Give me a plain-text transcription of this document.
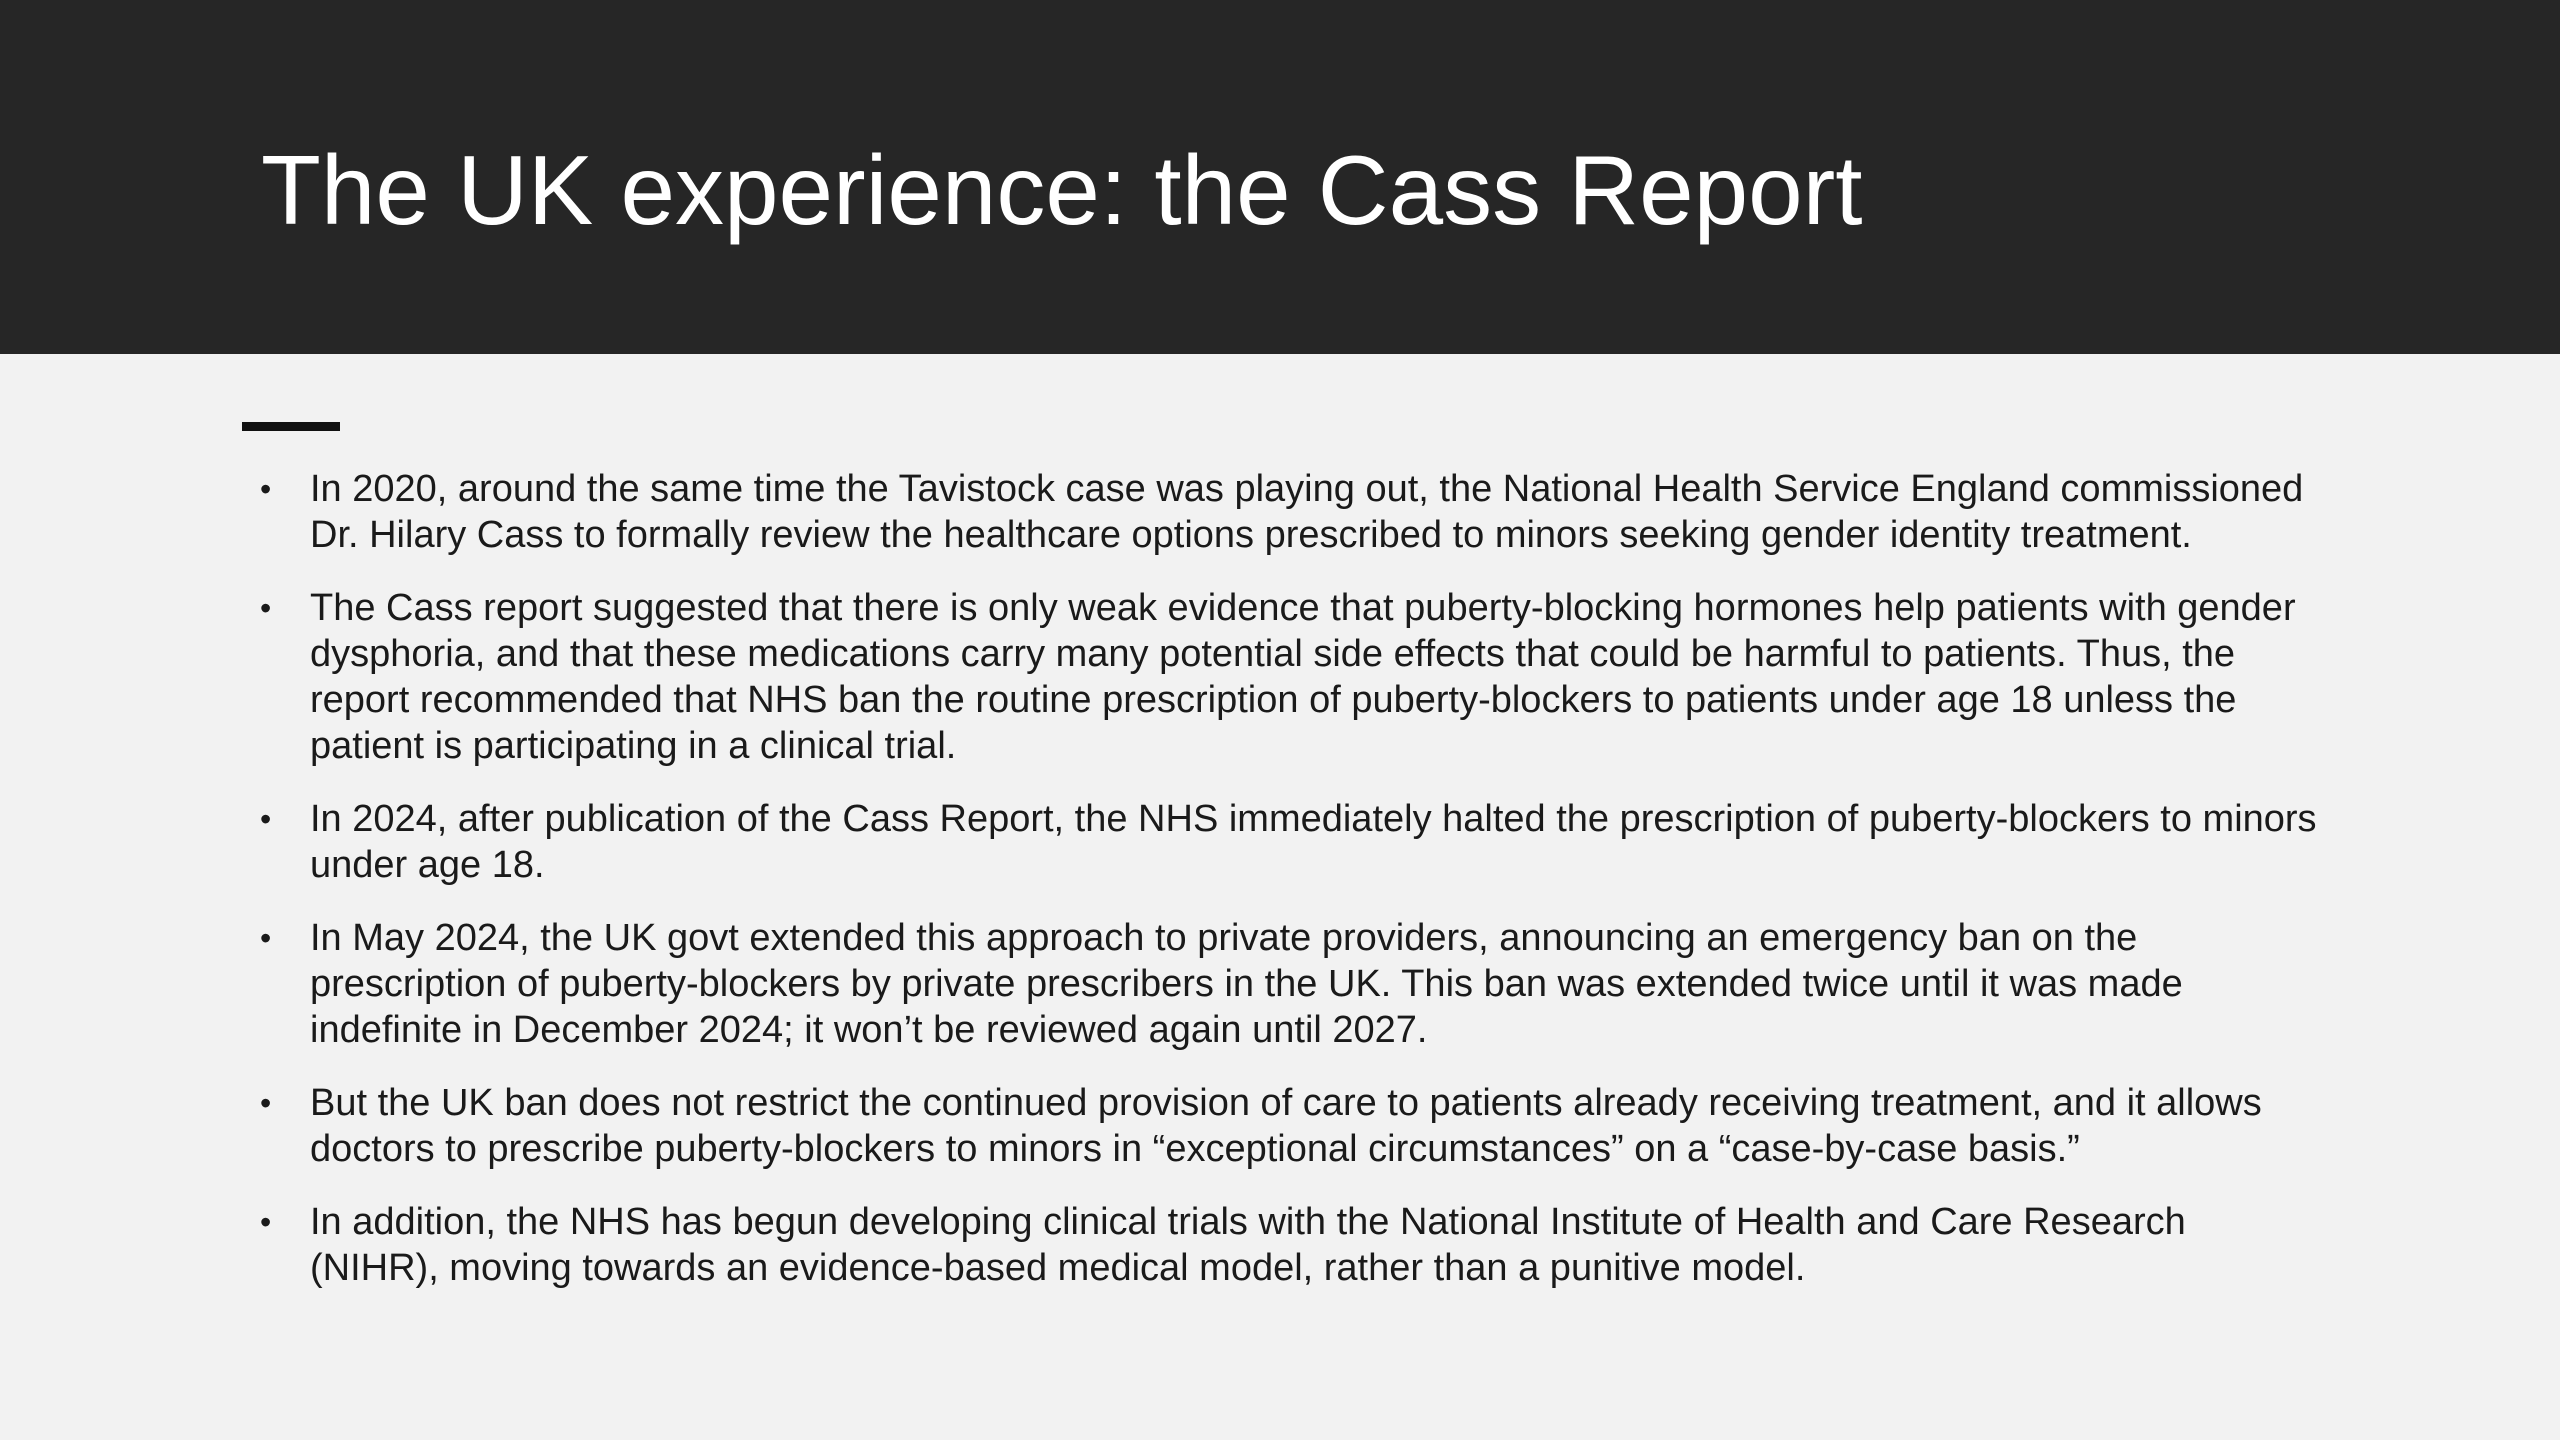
The UK experience: the Cass Report
• In 2020, around the same time the Tavistock case was playing out, the National Health Service England commissioned Dr. Hilary Cass to formally review the healthcare options prescribed to minors seeking gender identity treatment.
• The Cass report suggested that there is only weak evidence that puberty-blocking hormones help patients with gender dysphoria, and that these medications carry many potential side effects that could be harmful to patients. Thus, the report recommended that NHS ban the routine prescription of puberty-blockers to patients under age 18 unless the patient is participating in a clinical trial.
• In 2024, after publication of the Cass Report, the NHS immediately halted the prescription of puberty-blockers to minors under age 18.
• In May 2024, the UK govt extended this approach to private providers, announcing an emergency ban on the prescription of puberty-blockers by private prescribers in the UK. This ban was extended twice until it was made indefinite in December 2024; it won’t be reviewed again until 2027.
• But the UK ban does not restrict the continued provision of care to patients already receiving treatment, and it allows doctors to prescribe puberty-blockers to minors in “exceptional circumstances” on a “case-by-case basis.”
• In addition, the NHS has begun developing clinical trials with the National Institute of Health and Care Research (NIHR), moving towards an evidence-based medical model, rather than a punitive model.
